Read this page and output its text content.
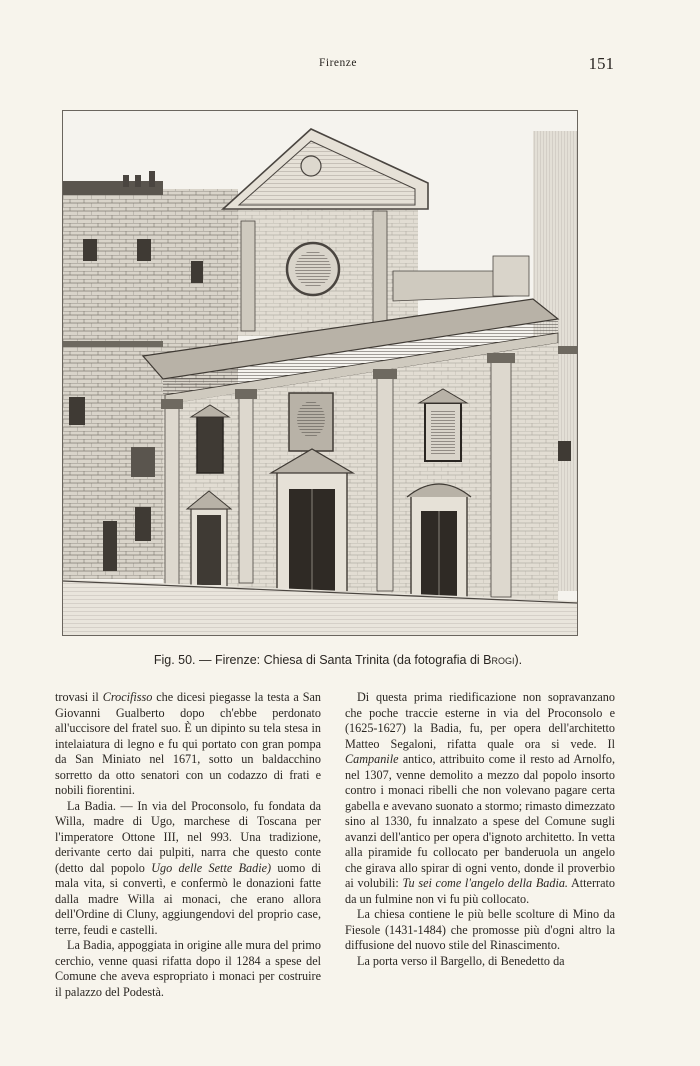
Firenze	151
Fig. 50. — Firenze: Chiesa di Santa Trinita (da fotografia di Brogi).

trovasi il Crocifisso che dicesi piegasse la testa a San Giovanni Gualberto dopo ch'ebbe perdonato all'uccisore del fratel suo. È un dipinto su tela stesa in intelaiatura di legno e fu qui portato con gran pompa da San Miniato nel 1671, sotto un baldacchino sorretto da otto senatori con un codazzo di frati e nobili fiorentini.

La Badia. — In via del Proconsolo, fu fondata da Willa, madre di Ugo, marchese di Toscana per l'imperatore Ottone III, nel 993. Una tradizione, derivante certo dai pulpiti, narra che questo conte (detto dal popolo Ugo delle Sette Badie) uomo di mala vita, si convertì, e confermò le donazioni fatte dalla madre Willa ai monaci, che erano allora dell'Ordine di Cluny, aggiungendovi del proprio case, terre, feudi e castelli.

La Badia, appoggiata in origine alle mura del primo cerchio, venne quasi rifatta dopo il 1284 a spese del Comune che aveva espropriato i monaci per costruire il palazzo del Podestà.

Di questa prima riedificazione non sopravanzano che poche traccie esterne in via del Proconsolo e (1625-1627) la Badia, fu, per opera dell'architetto Matteo Segaloni, rifatta quale ora si vede. Il Campanile antico, attribuito come il resto ad Arnolfo, nel 1307, venne demolito a mezzo dal popolo insorto contro i monaci ribelli che non volevano pagare certa gabella e avevano suonato a stormo; rimasto dimezzato sino al 1330, fu innalzato a spese del Comune sugli avanzi dell'antico per opera d'ignoto architetto. In vetta alla piramide fu collocato per banderuola un angelo che girava allo spirar di ogni vento, donde il proverbio ai volubili: Tu sei come l'angelo della Badia. Atterrato da un fulmine non vi fu più collocato.

La chiesa contiene le più belle scolture di Mino da Fiesole (1431-1484) che promosse più d'ogni altro la diffusione del nuovo stile del Rinascimento.

La porta verso il Bargello, di Benedetto da
